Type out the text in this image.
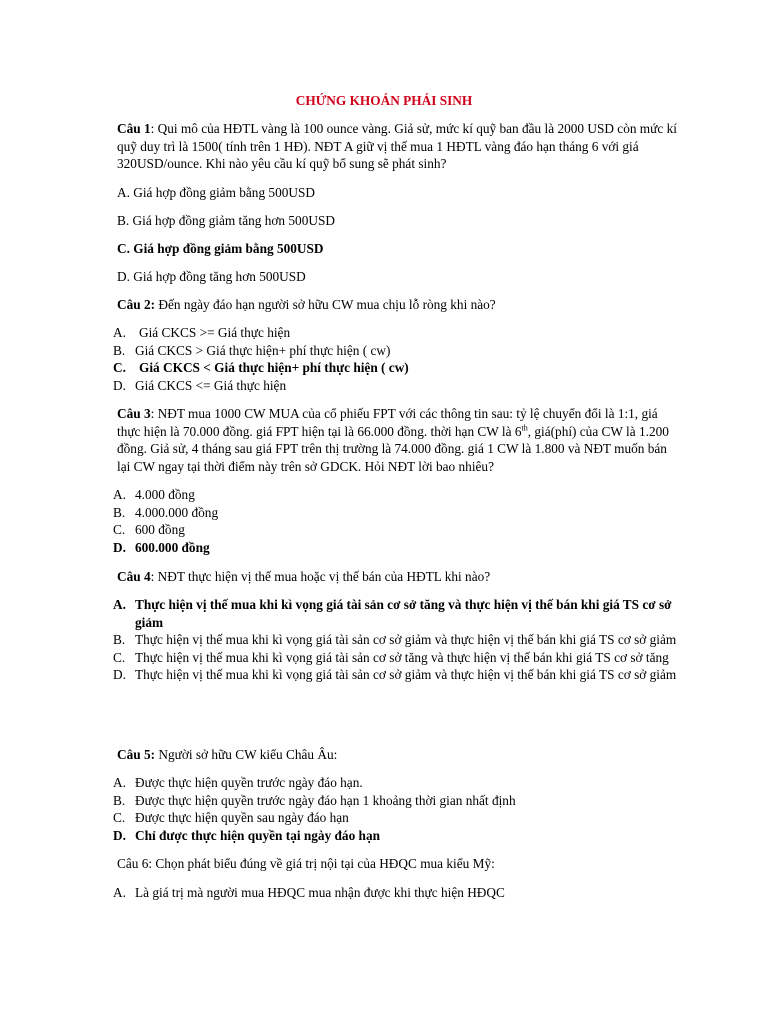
CHỨNG KHOÁN PHÁI SINH

Câu 1: Qui mô của HĐTL vàng là 100 ounce vàng. Giả sử, mức kí quỹ ban đầu là 2000 USD còn mức kí quỹ duy trì là 1500( tính trên 1 HĐ). NĐT A giữ vị thế mua 1 HĐTL vàng đáo hạn tháng 6 với giá 320USD/ounce. Khi nào yêu cầu kí quỹ bổ sung sẽ phát sinh?

A. Giá hợp đồng giảm bằng 500USD

B. Giá hợp đồng giảm tăng hơn 500USD

C. Giá hợp đồng giảm bằng 500USD

D. Giá hợp đồng tăng hơn 500USD

Câu 2: Đến ngày đáo hạn người sở hữu CW mua chịu lỗ ròng khi nào?

A. Giá CKCS >= Giá thực hiện
B. Giá CKCS > Giá thực hiện+ phí thực hiện ( cw)
C. Giá CKCS < Giá thực hiện+ phí thực hiện ( cw)
D. Giá CKCS <= Giá thực hiện

Câu 3: NĐT mua 1000 CW MUA của cổ phiếu FPT với các thông tin sau: tỷ lệ chuyển đổi là 1:1, giá thực hiện là 70.000 đồng. giá FPT hiện tại là 66.000 đồng. thời hạn CW là 6th, giá(phí) của CW là 1.200 đồng. Giả sử, 4 tháng sau giá FPT trên thị trường là 74.000 đồng. giá 1 CW là 1.800 và NĐT muốn bán lại CW ngay tại thời điểm này trên sở GDCK. Hỏi NĐT lời bao nhiêu?

A. 4.000 đồng
B. 4.000.000 đồng
C. 600 đồng
D. 600.000 đồng

Câu 4: NĐT thực hiện vị thế mua hoặc vị thế bán của HĐTL khi nào?

A. Thực hiện vị thế mua khi kì vọng giá tài sản cơ sở tăng và thực hiện vị thế bán khi giá TS cơ sở giảm
B. Thực hiện vị thế mua khi kì vọng giá tài sản cơ sở giảm và thực hiện vị thế bán khi giá TS cơ sở giảm
C. Thực hiện vị thế mua khi kì vọng giá tài sản cơ sở tăng và thực hiện vị thế bán khi giá TS cơ sở tăng
D. Thực hiện vị thế mua khi kì vọng giá tài sản cơ sở giảm và thực hiện vị thế bán khi giá TS cơ sở giảm

Câu 5: Người sở hữu CW kiểu Châu Âu:

A. Được thực hiện quyền trước ngày đáo hạn.
B. Được thực hiện quyền trước ngày đáo hạn 1 khoảng thời gian nhất định
C. Được thực hiện quyền sau ngày đáo hạn
D. Chỉ được thực hiện quyền tại ngày đáo hạn

Câu 6: Chọn phát biểu đúng về giá trị nội tại của HĐQC mua kiểu Mỹ:

A. Là giá trị mà người mua HĐQC mua nhận được khi thực hiện HĐQC
